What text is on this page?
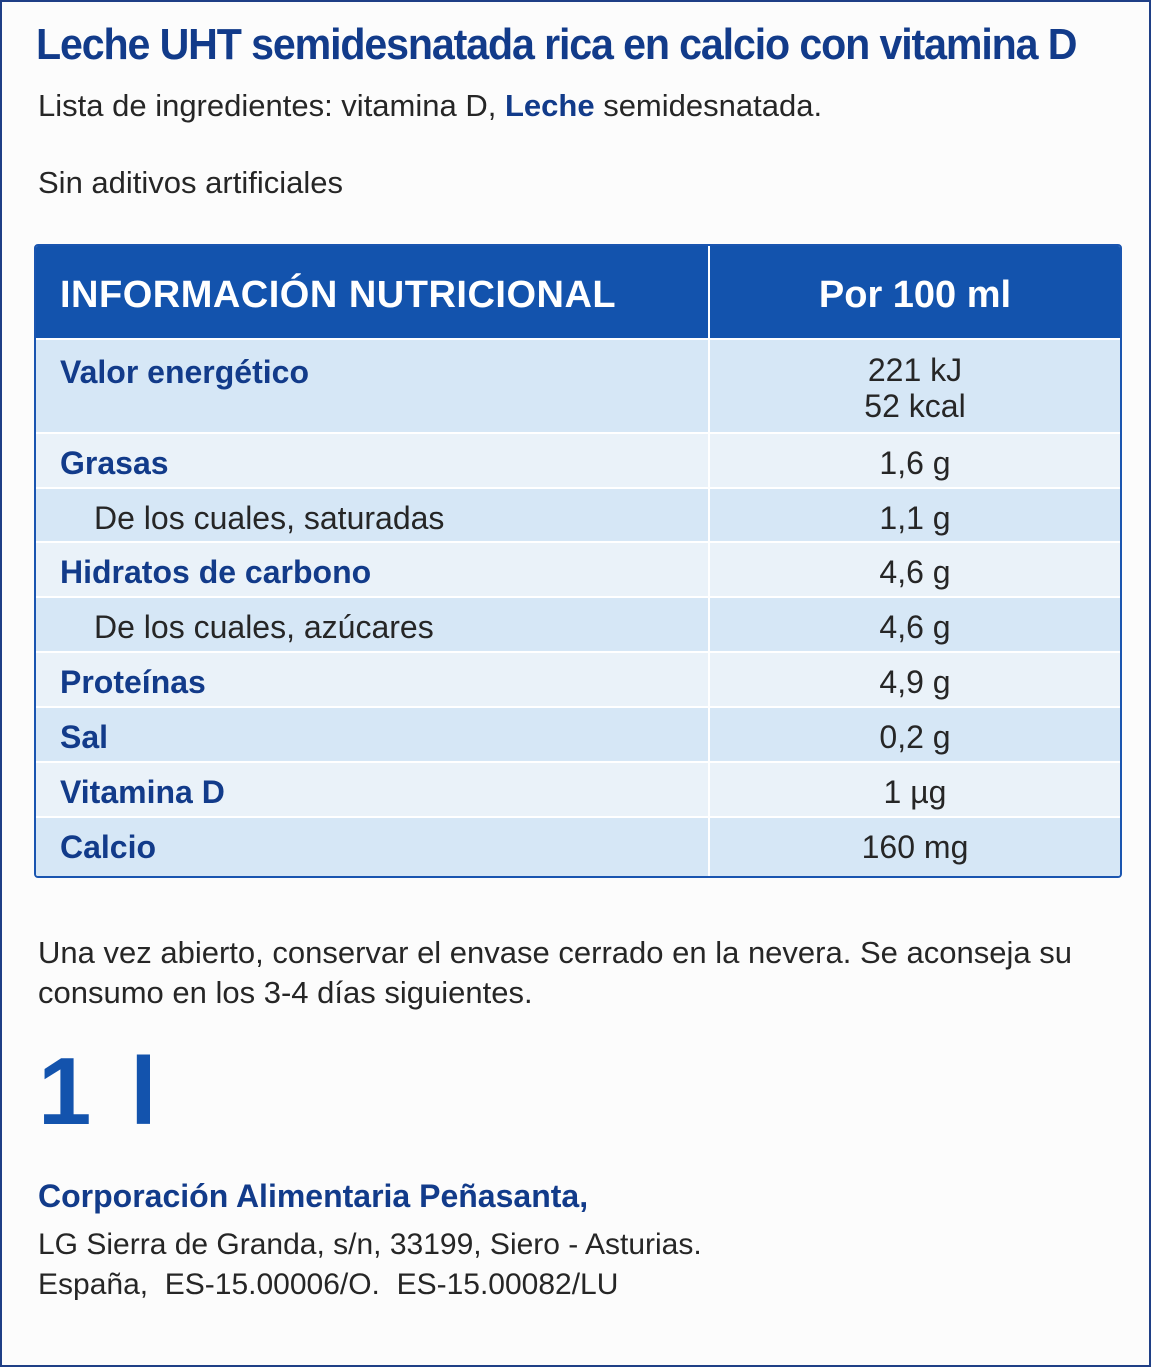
Leche UHT semidesnatada rica en calcio con vitamina D
Lista de ingredientes: vitamina D, Leche semidesnatada.
Sin aditivos artificiales
INFORMACIÓN NUTRICIONAL	Por 100 ml
Valor energético	221 kJ
52 kcal
Grasas	1,6 g
De los cuales, saturadas	1,1 g
Hidratos de carbono	4,6 g
De los cuales, azúcares	4,6 g
Proteínas	4,9 g
Sal	0,2 g
Vitamina D	1 µg
Calcio	160 mg
Una vez abierto, conservar el envase cerrado en la nevera. Se aconseja su consumo en los 3-4 días siguientes.
1 l
Corporación Alimentaria Peñasanta,
LG Sierra de Granda, s/n, 33199, Siero - Asturias.
España,  ES-15.00006/O.  ES-15.00082/LU
